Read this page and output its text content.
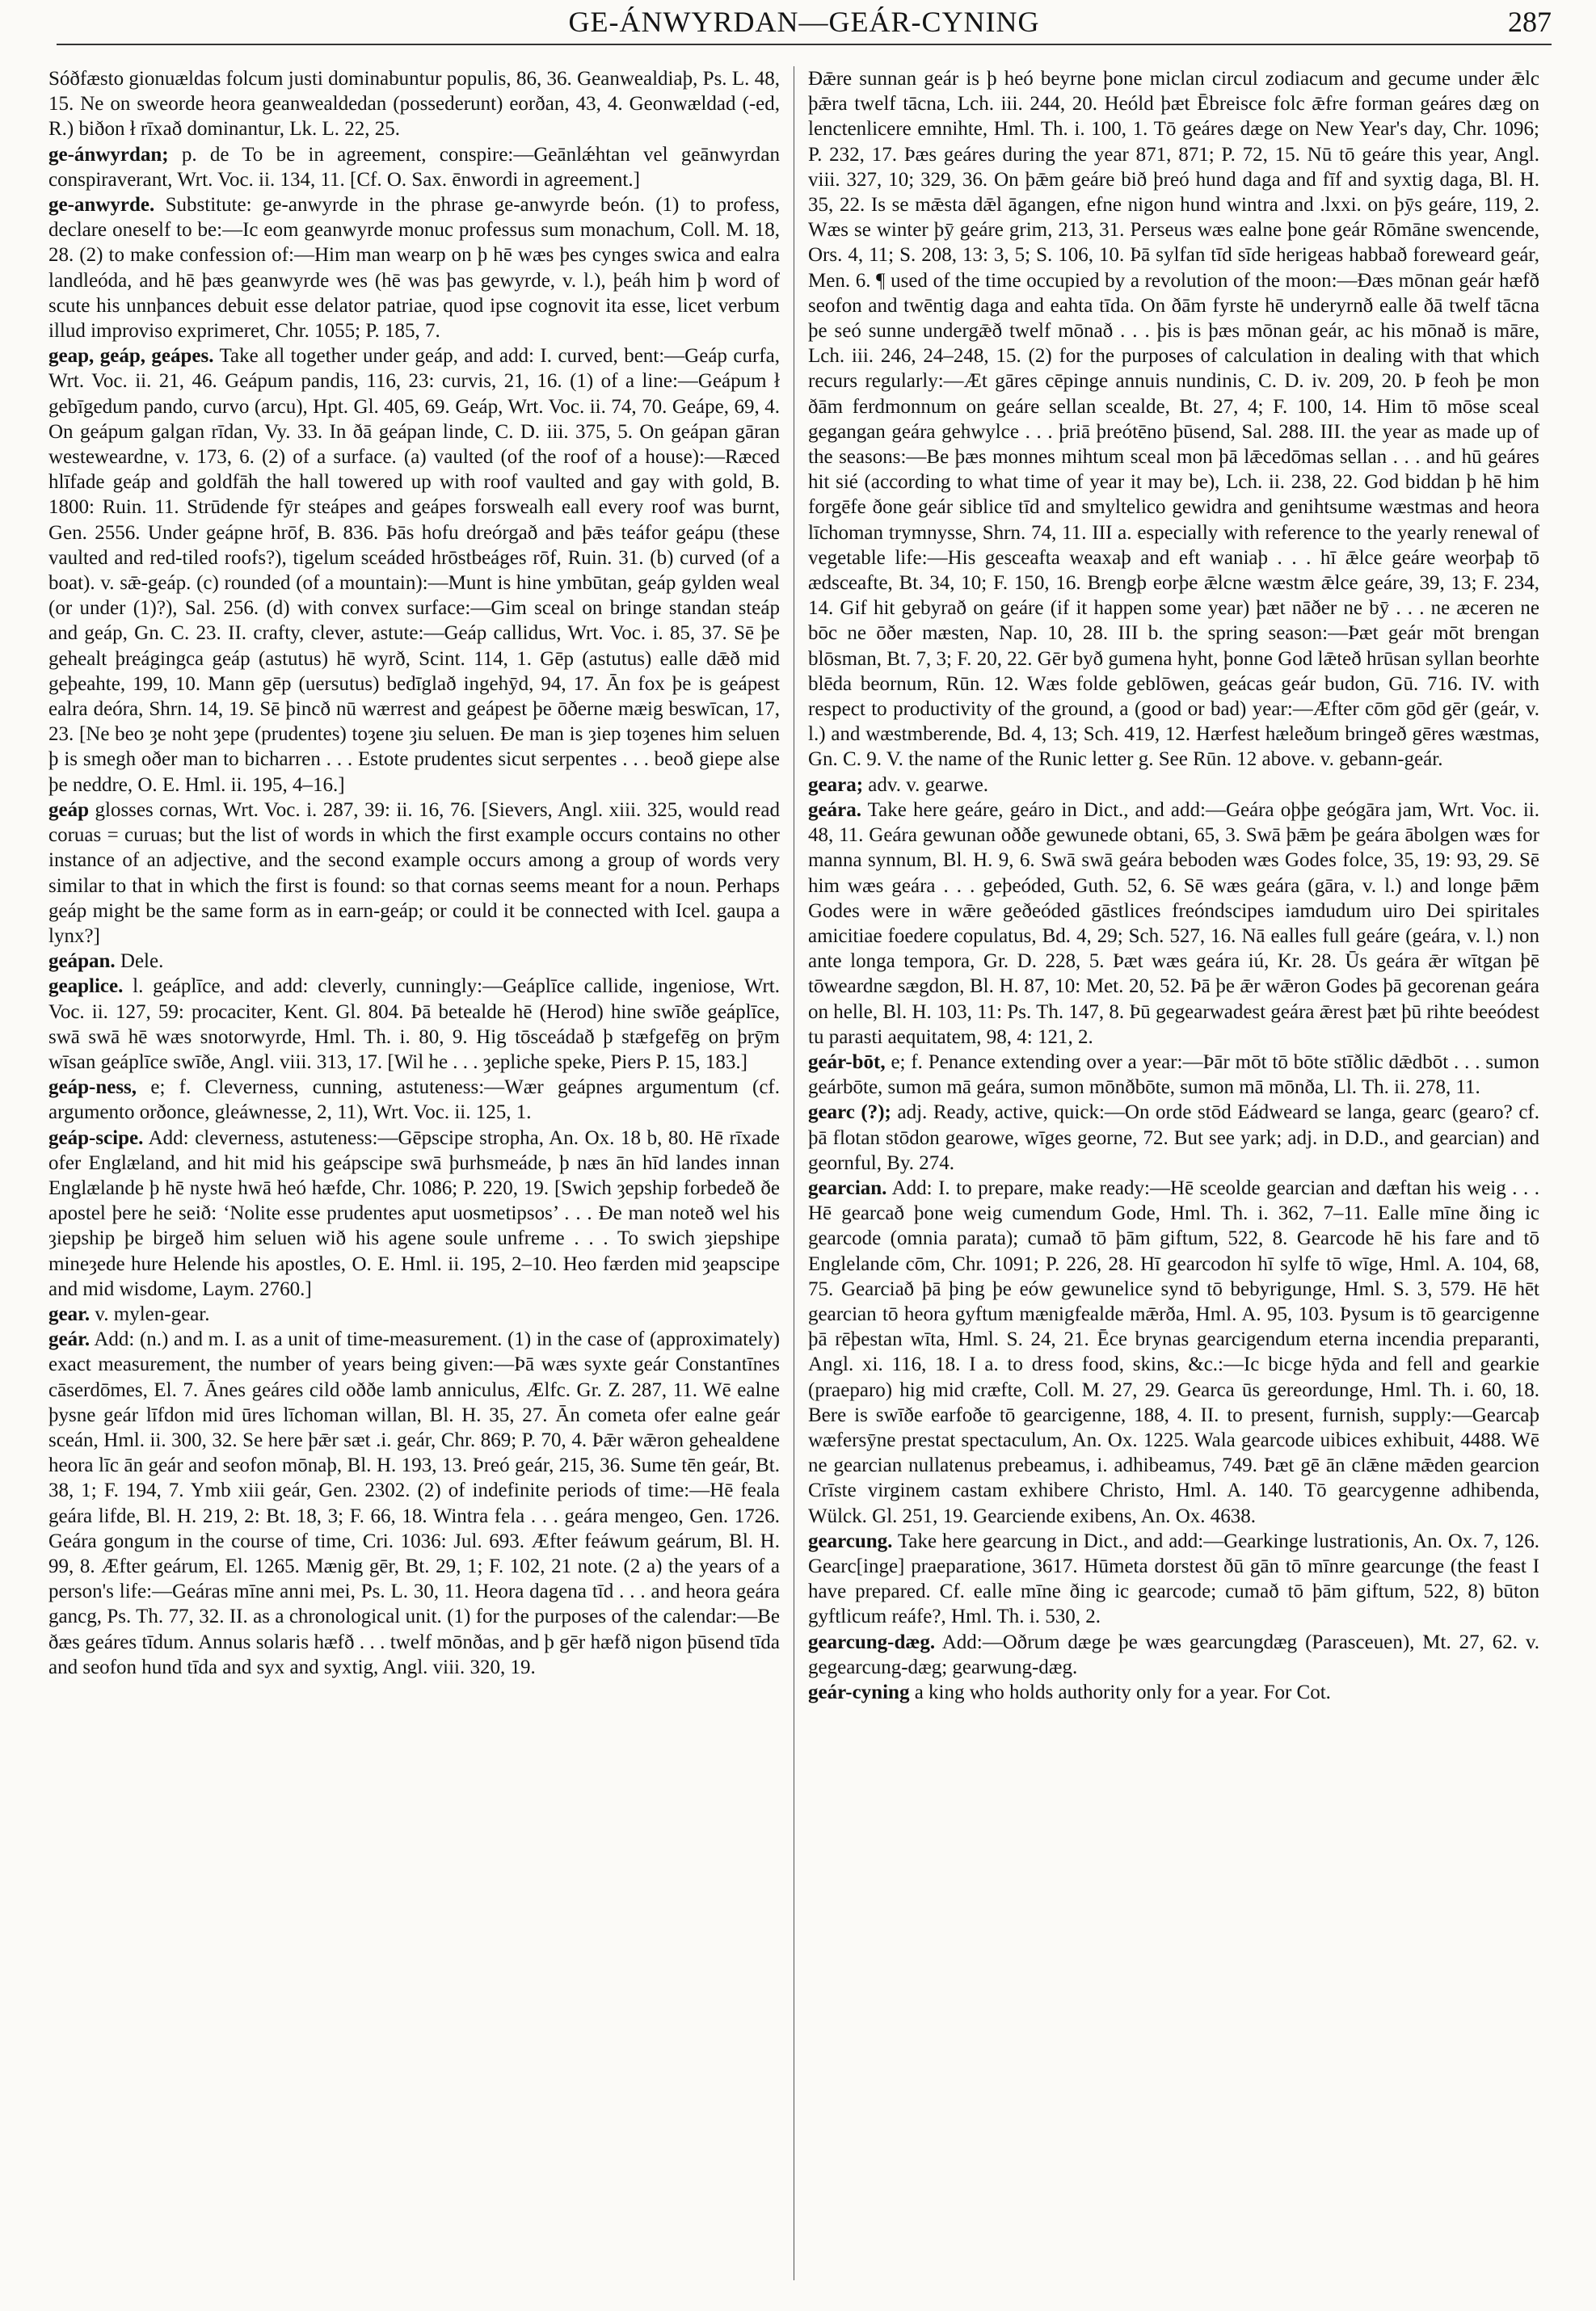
GE-ÁNWYRDAN—GEÁR-CYNING	287

Sóðfæsto gionuældas folcum justi dominabuntur populis, 86, 36. Geanwealdiaþ, Ps. L. 48, 15. Ne on sweorde heora geanwealdedan (possederunt) eorðan, 43, 4. Geonwældad (-ed, R.) biðon ł rīxað dominantur, Lk. L. 22, 25.

ge-ánwyrdan; p. de To be in agreement, conspire:—Geānlǽhtan vel geānwyrdan conspiraverant, Wrt. Voc. ii. 134, 11. [Cf. O. Sax. ēnwordi in agreement.]

ge-anwyrde. Substitute: ge-anwyrde in the phrase ge-anwyrde beón. (1) to profess, declare oneself to be:—Ic eom geanwyrde monuc professus sum monachum, Coll. M. 18, 28. (2) to make confession of:—Him man wearp on þ hē wæs þes cynges swica and ealra landleóda, and hē þæs geanwyrde wes (hē was þas gewyrde, v. l.), þeáh him þ word of scute his unnþances debuit esse delator patriae, quod ipse cognovit ita esse, licet verbum illud improviso exprimeret, Chr. 1055; P. 185, 7.

geap, geáp, geápes. Take all together under geáp, and add: I. curved, bent:—Geáp curfa, Wrt. Voc. ii. 21, 46. Geápum pandis, 116, 23: curvis, 21, 16. (1) of a line:—Geápum ł gebīgedum pando, curvo (arcu), Hpt. Gl. 405, 69. Geáp, Wrt. Voc. ii. 74, 70. Geápe, 69, 4. On geápum galgan rīdan, Vy. 33. In ðā geápan linde, C. D. iii. 375, 5. On geápan gāran westeweardne, v. 173, 6. (2) of a surface. (a) vaulted (of the roof of a house):—Ræced hlīfade geáp and goldfāh the hall towered up with roof vaulted and gay with gold, B. 1800: Ruin. 11. Strūdende fȳr steápes and geápes forswealh eall every roof was burnt, Gen. 2556. Under geápne hrōf, B. 836. Þās hofu dreórgað and þǣs teáfor geápu (these vaulted and red-tiled roofs?), tigelum sceáded hrōstbeáges rōf, Ruin. 31. (b) curved (of a boat). v. sǣ-geáp. (c) rounded (of a mountain):—Munt is hine ymbūtan, geáp gylden weal (or under (1)?), Sal. 256. (d) with convex surface:—Gim sceal on bringe standan steáp and geáp, Gn. C. 23. II. crafty, clever, astute:—Geáp callidus, Wrt. Voc. i. 85, 37. Sē þe gehealt þreágingca geáp (astutus) hē wyrð, Scint. 114, 1. Gēp (astutus) ealle dǣð mid geþeahte, 199, 10. Mann gēp (uersutus) bedīglað ingehȳd, 94, 17. Ān fox þe is geápest ealra deóra, Shrn. 14, 19. Sē þincð nū wærrest and geápest þe ōðerne mæig beswīcan, 17, 23. [Ne beo ȝe noht ȝepe (prudentes) toȝene ȝiu seluen. Ðe man is ȝiep toȝenes him seluen þ is smegh oðer man to bicharren . . . Estote prudentes sicut serpentes . . . beoð giepe alse þe neddre, O. E. Hml. ii. 195, 4–16.]

geáp glosses cornas, Wrt. Voc. i. 287, 39: ii. 16, 76. [Sievers, Angl. xiii. 325, would read coruas = curuas; but the list of words in which the first example occurs contains no other instance of an adjective, and the second example occurs among a group of words very similar to that in which the first is found: so that cornas seems meant for a noun. Perhaps geáp might be the same form as in earn-geáp; or could it be connected with Icel. gaupa a lynx?]

geápan. Dele.

geaplice. l. geáplīce, and add: cleverly, cunningly:—Geáplīce callide, ingeniose, Wrt. Voc. ii. 127, 59: procaciter, Kent. Gl. 804. Þā betealde hē (Herod) hine swīðe geáplīce, swā swā hē wæs snotorwyrde, Hml. Th. i. 80, 9. Hig tōsceádað þ stæfgefēg on þrȳm wīsan geáplīce swīðe, Angl. viii. 313, 17. [Wil he . . . ȝepliche speke, Piers P. 15, 183.]

geáp-ness, e; f. Cleverness, cunning, astuteness:—Wær geápnes argumentum (cf. argumento orðonce, gleáwnesse, 2, 11), Wrt. Voc. ii. 125, 1.

geáp-scipe. Add: cleverness, astuteness:—Gēpscipe stropha, An. Ox. 18 b, 80. Hē rīxade ofer Englæland, and hit mid his geápscipe swā þurhsmeáde, þ næs ān hīd landes innan Englælande þ hē nyste hwā heó hæfde, Chr. 1086; P. 220, 19. [Swich ȝepship forbedeð ðe apostel þere he seið: ‘Nolite esse prudentes aput uosmetipsos’ . . . Ðe man noteð wel his ȝiepship þe birgeð him seluen wið his agene soule unfreme . . . To swich ȝiepshipe mineȝede hure Helende his apostles, O. E. Hml. ii. 195, 2–10. Heo færden mid ȝeapscipe and mid wisdome, Laym. 2760.]

gear. v. mylen-gear.

geár. Add: (n.) and m. I. as a unit of time-measurement. (1) in the case of (approximately) exact measurement, the number of years being given:—Þā wæs syxte geár Constantīnes cāserdōmes, El. 7. Ānes geáres cild oððe lamb anniculus, Ælfc. Gr. Z. 287, 11. Wē ealne þysne geár līfdon mid ūres līchoman willan, Bl. H. 35, 27. Ān cometa ofer ealne geár sceán, Hml. ii. 300, 32. Se here þǣr sæt .i. geár, Chr. 869; P. 70, 4. Þǣr wǣron gehealdene heora līc ān geár and seofon mōnaþ, Bl. H. 193, 13. Þreó geár, 215, 36. Sume tēn geár, Bt. 38, 1; F. 194, 7. Ymb xiii geár, Gen. 2302. (2) of indefinite periods of time:—Hē feala geára lifde, Bl. H. 219, 2: Bt. 18, 3; F. 66, 18. Wintra fela . . . geára mengeo, Gen. 1726. Geára gongum in the course of time, Cri. 1036: Jul. 693. Æfter feáwum geárum, Bl. H. 99, 8. Æfter geárum, El. 1265. Mænig gēr, Bt. 29, 1; F. 102, 21 note. (2 a) the years of a person's life:—Geáras mīne anni mei, Ps. L. 30, 11. Heora dagena tīd . . . and heora geára gancg, Ps. Th. 77, 32. II. as a chronological unit. (1) for the purposes of the calendar:—Be ðæs geáres tīdum. Annus solaris hæfð . . . twelf mōnðas, and þ gēr hæfð nigon þūsend tīda and seofon hund tīda and syx and syxtig, Angl. viii. 320, 19.

Ðǣre sunnan geár is þ heó beyrne þone miclan circul zodiacum and gecume under ǣlc þǣra twelf tācna, Lch. iii. 244, 20. Heóld þæt Ēbreisce folc ǣfre forman geáres dæg on lenctenlicere emnihte, Hml. Th. i. 100, 1. Tō geáres dæge on New Year's day, Chr. 1096; P. 232, 17. Þæs geáres during the year 871, 871; P. 72, 15. Nū tō geáre this year, Angl. viii. 327, 10; 329, 36. On þǣm geáre bið þreó hund daga and fīf and syxtig daga, Bl. H. 35, 22. Is se mǣsta dǣl āgangen, efne nigon hund wintra and .lxxi. on þȳs geáre, 119, 2. Wæs se winter þȳ geáre grim, 213, 31. Perseus wæs ealne þone geár Rōmāne swencende, Ors. 4, 11; S. 208, 13: 3, 5; S. 106, 10. Þā sylfan tīd sīde herigeas habbað foreweard geár, Men. 6. ¶ used of the time occupied by a revolution of the moon:—Ðæs mōnan geár hæfð seofon and twēntig daga and eahta tīda. On ðām fyrste hē underyrnð ealle ðā twelf tācna þe seó sunne undergǣð twelf mōnað . . . þis is þæs mōnan geár, ac his mōnað is māre, Lch. iii. 246, 24–248, 15. (2) for the purposes of calculation in dealing with that which recurs regularly:—Æt gāres cēpinge annuis nundinis, C. D. iv. 209, 20. Þ feoh þe mon ðām ferdmonnum on geáre sellan scealde, Bt. 27, 4; F. 100, 14. Him tō mōse sceal gegangan geára gehwylce . . . þriā þreótēno þūsend, Sal. 288. III. the year as made up of the seasons:—Be þæs monnes mihtum sceal mon þā lǣcedōmas sellan . . . and hū geáres hit sié (according to what time of year it may be), Lch. ii. 238, 22. God biddan þ hē him forgēfe ðone geár siblice tīd and smyltelico gewidra and genihtsume wæstmas and heora līchoman trymnysse, Shrn. 74, 11. III a. especially with reference to the yearly renewal of vegetable life:—His gesceafta weaxaþ and eft waniaþ . . . hī ǣlce geáre weorþaþ tō ædsceafte, Bt. 34, 10; F. 150, 16. Brengþ eorþe ǣlcne wæstm ǣlce geáre, 39, 13; F. 234, 14. Gif hit gebyrað on geáre (if it happen some year) þæt nāðer ne bȳ . . . ne æceren ne bōc ne ōðer mæsten, Nap. 10, 28. III b. the spring season:—Þæt geár mōt brengan blōsman, Bt. 7, 3; F. 20, 22. Gēr byð gumena hyht, þonne God lǣteð hrūsan syllan beorhte blēda beornum, Rūn. 12. Wæs folde geblōwen, geácas geár budon, Gū. 716. IV. with respect to productivity of the ground, a (good or bad) year:—Æfter cōm gōd gēr (geár, v. l.) and wæstmberende, Bd. 4, 13; Sch. 419, 12. Hærfest hæleðum bringeð gēres wæstmas, Gn. C. 9. V. the name of the Runic letter g. See Rūn. 12 above. v. gebann-geár.

geara; adv. v. gearwe.

geára. Take here geáre, geáro in Dict., and add:—Geára oþþe geógāra jam, Wrt. Voc. ii. 48, 11. Geára gewunan oððe gewunede obtani, 65, 3. Swā þǣm þe geára ābolgen wæs for manna synnum, Bl. H. 9, 6. Swā swā geára beboden wæs Godes folce, 35, 19: 93, 29. Sē him wæs geára . . . geþeóded, Guth. 52, 6. Sē wæs geára (gāra, v. l.) and longe þǣm Godes were in wǣre geðeóded gāstlices freóndscipes iamdudum uiro Dei spiritales amicitiae foedere copulatus, Bd. 4, 29; Sch. 527, 16. Nā ealles full geáre (geára, v. l.) non ante longa tempora, Gr. D. 228, 5. Þæt wæs geára iú, Kr. 28. Ūs geára ǣr wītgan þē tōweardne sægdon, Bl. H. 87, 10: Met. 20, 52. Þā þe ǣr wǣron Godes þā gecorenan geára on helle, Bl. H. 103, 11: Ps. Th. 147, 8. Þū gegearwadest geára ǣrest þæt þū rihte beeódest tu parasti aequitatem, 98, 4: 121, 2.

geár-bōt, e; f. Penance extending over a year:—Þār mōt tō bōte stīðlic dǣdbōt . . . sumon geárbōte, sumon mā geára, sumon mōnðbōte, sumon mā mōnða, Ll. Th. ii. 278, 11.

gearc (?); adj. Ready, active, quick:—On orde stōd Eádweard se langa, gearc (gearo? cf. þā flotan stōdon gearowe, wīges georne, 72. But see yark; adj. in D.D., and gearcian) and geornful, By. 274.

gearcian. Add: I. to prepare, make ready:—Hē sceolde gearcian and dæftan his weig . . . Hē gearcað þone weig cumendum Gode, Hml. Th. i. 362, 7–11. Ealle mīne ðing ic gearcode (omnia parata); cumað tō þām giftum, 522, 8. Gearcode hē his fare and tō Englelande cōm, Chr. 1091; P. 226, 28. Hī gearcodon hī sylfe tō wīge, Hml. A. 104, 68, 75. Gearciað þā þing þe eów gewunelice synd tō bebyrigunge, Hml. S. 3, 579. Hē hēt gearcian tō heora gyftum mænigfealde mǣrða, Hml. A. 95, 103. Þysum is tō gearcigenne þā rēþestan wīta, Hml. S. 24, 21. Ēce brynas gearcigendum eterna incendia preparanti, Angl. xi. 116, 18. I a. to dress food, skins, &c.:—Ic bicge hȳda and fell and gearkie (praeparo) hig mid cræfte, Coll. M. 27, 29. Gearca ūs gereordunge, Hml. Th. i. 60, 18. Bere is swīðe earfoðe tō gearcigenne, 188, 4. II. to present, furnish, supply:—Gearcaþ wæfersȳne prestat spectaculum, An. Ox. 1225. Wala gearcode uibices exhibuit, 4488. Wē ne gearcian nullatenus prebeamus, i. adhibeamus, 749. Þæt gē ān clǣne mǣden gearcion Crīste virginem castam exhibere Christo, Hml. A. 140. Tō gearcygenne adhibenda, Wülck. Gl. 251, 19. Gearciende exibens, An. Ox. 4638.

gearcung. Take here gearcung in Dict., and add:—Gearkinge lustrationis, An. Ox. 7, 126. Gearc[inge] praeparatione, 3617. Hūmeta dorstest ðū gān tō mīnre gearcunge (the feast I have prepared. Cf. ealle mīne ðing ic gearcode; cumað tō þām giftum, 522, 8) būton gyftlicum reáfe?, Hml. Th. i. 530, 2.

gearcung-dæg. Add:—Oðrum dæge þe wæs gearcungdæg (Parasceuen), Mt. 27, 62. v. gegearcung-dæg; gearwung-dæg.

geár-cyning a king who holds authority only for a year. For Cot.
